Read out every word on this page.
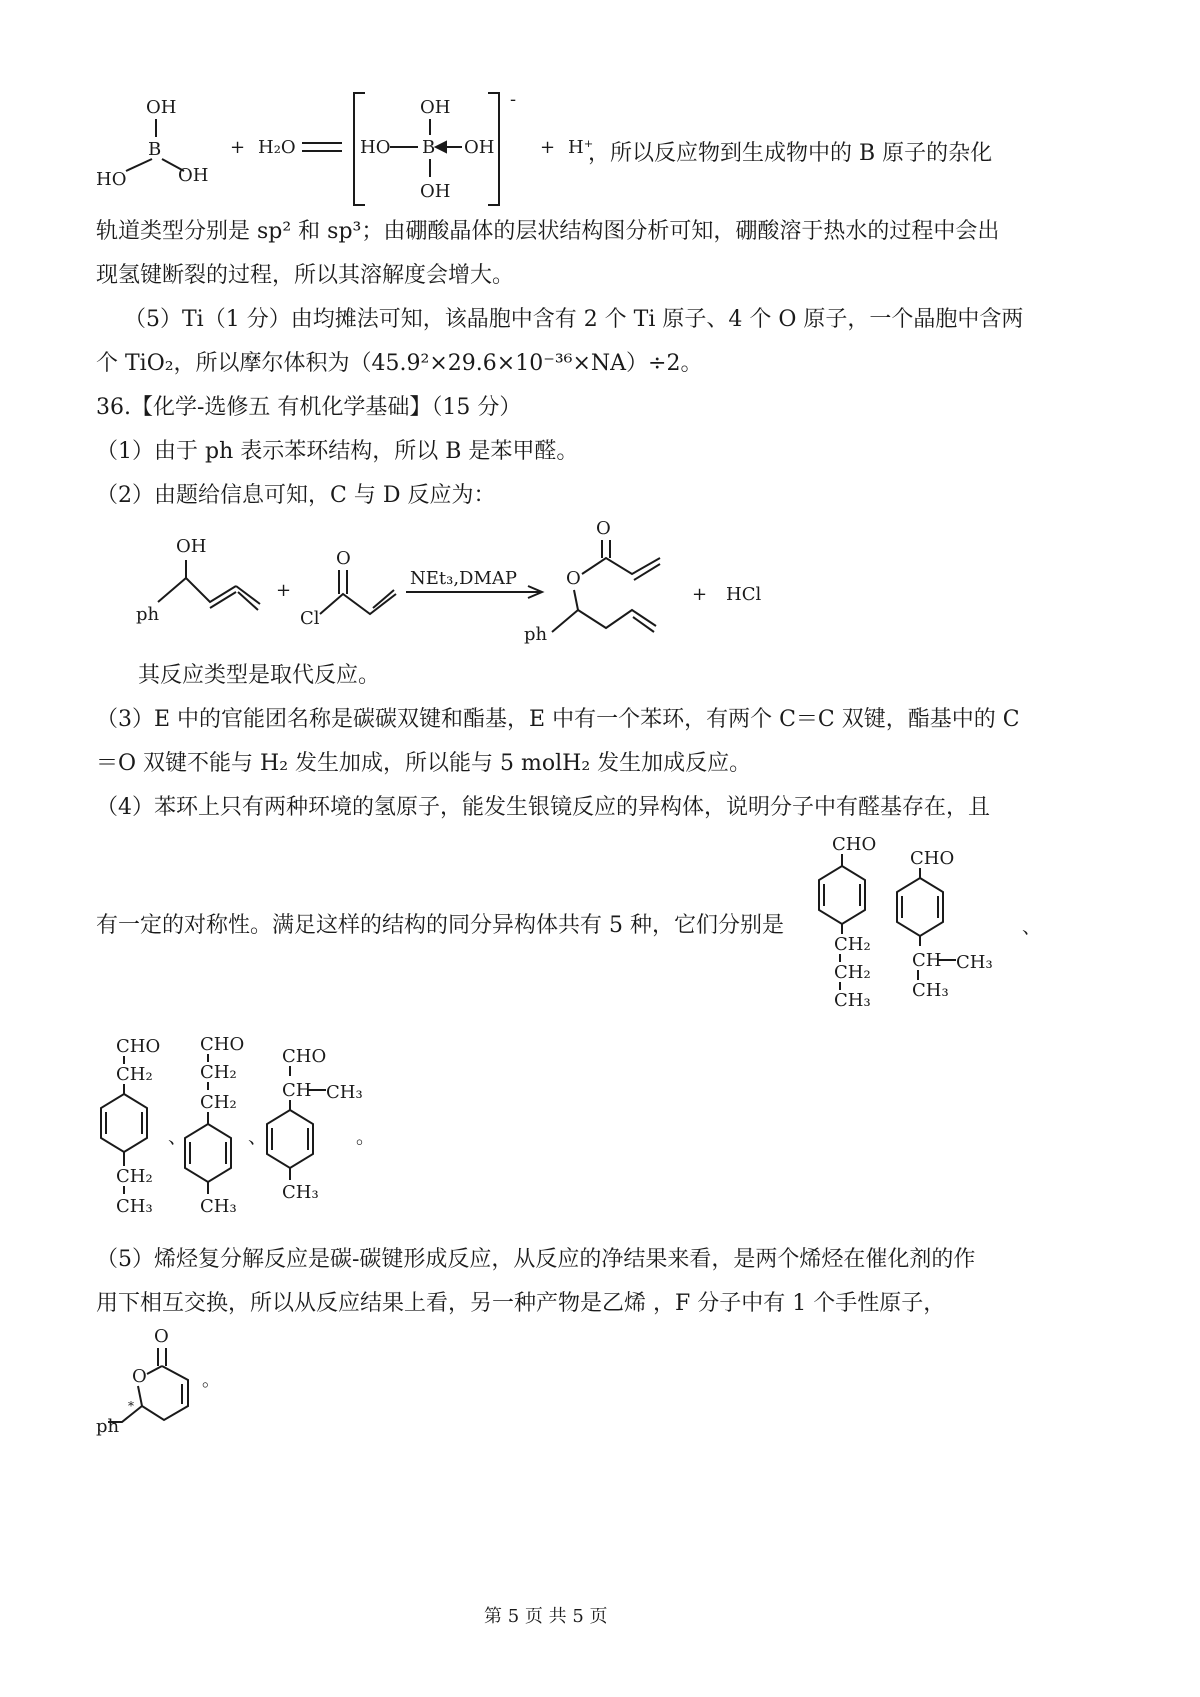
OH
B
HO	OH
+ H₂O
-
OH
HO B OH
OH
+ H⁺
，所以反应物到生成物中的 B 原子的杂化
轨道类型分别是 sp² 和 sp³；由硼酸晶体的层状结构图分析可知，硼酸溶于热水的过程中会出
现氢键断裂的过程，所以其溶解度会增大。
（5）Ti（1 分）由均摊法可知，该晶胞中含有 2 个 Ti 原子、4 个 O 原子，一个晶胞中含两
个 TiO₂，所以摩尔体积为（45.9²×29.6×10⁻³⁶×NA）÷2。
36.【化学-选修五 有机化学基础】（15 分）
（1）由于 ph 表示苯环结构，所以 B 是苯甲醛。
（2）由题给信息可知，C 与 D 反应为：
OH
ph
+
O
Cl
NEt₃,DMAP
O
O
ph
+ HCl
其反应类型是取代反应。
（3）E 中的官能团名称是碳碳双键和酯基，E 中有一个苯环，有两个 C＝C 双键，酯基中的 C
＝O 双键不能与 H₂ 发生加成，所以能与 5 molH₂ 发生加成反应。
（4）苯环上只有两种环境的氢原子，能发生银镜反应的异构体，说明分子中有醛基存在，且
有一定的对称性。满足这样的结构的同分异构体共有 5 种，它们分别是
CHO
CH₂
CH₂
CH₃
CHO
CH CH₃
CH₃
、
CHO
CH₂
CH₂
CH₃
、
CHO
CH₂
CH₂
CH₃
、
CHO
CH CH₃
CH₃
。
（5）烯烃复分解反应是碳-碳键形成反应，从反应的净结果来看，是两个烯烃在催化剂的作
用下相互交换，所以从反应结果上看，另一种产物是乙烯 ，F 分子中有 1 个手性原子，
O
O
*
ph
。
第 5 页 共 5 页
